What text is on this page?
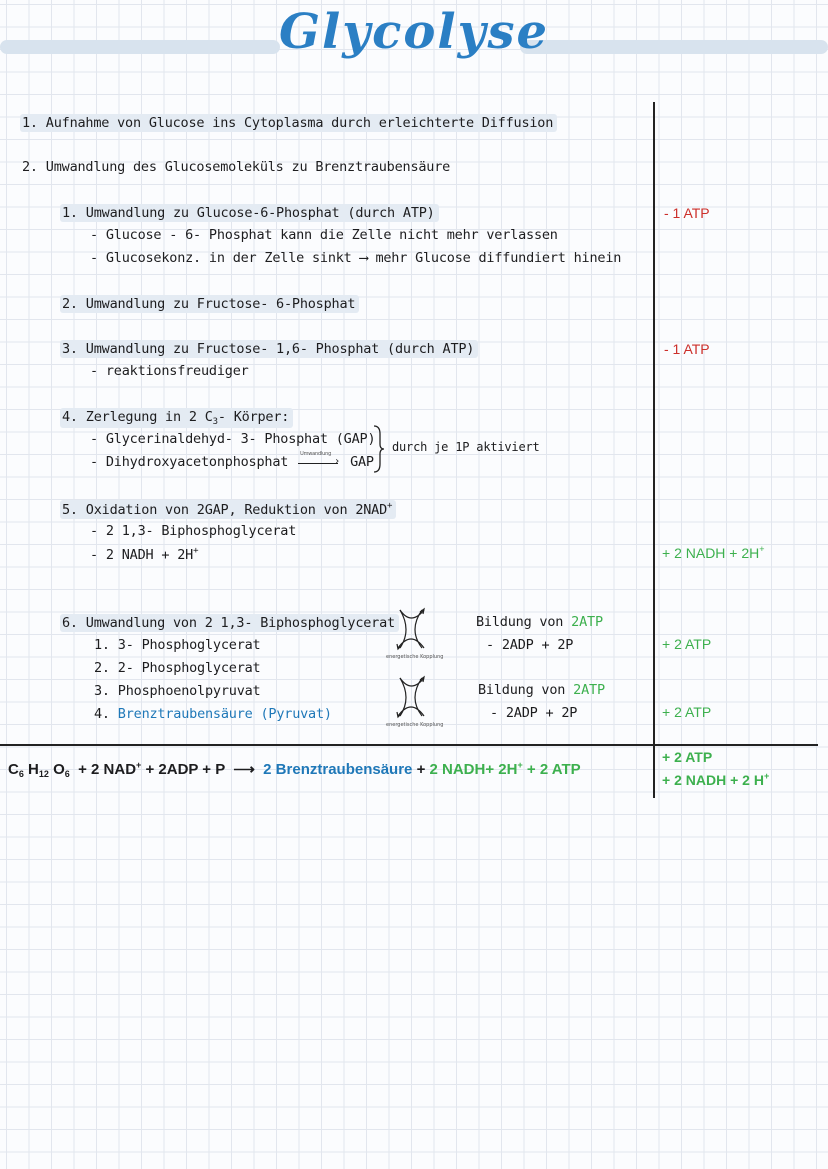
Glycolyse
1. Aufnahme von Glucose ins Cytoplasma durch erleichterte Diffusion
2. Umwandlung des Glucosemoleküls zu Brenztraubensäure
1. Umwandlung zu Glucose-6-Phosphat (durch ATP)
- Glucose - 6- Phosphat kann die Zelle nicht mehr verlassen
- Glucosekonz. in der Zelle sinkt ⟶ mehr Glucose diffundiert hinein
2. Umwandlung zu Fructose- 6-Phosphat
3. Umwandlung zu Fructose- 1,6- Phosphat (durch ATP)
- reaktionsfreudiger
4. Zerlegung in 2 $C_3-$ Körper:
- Glycerinaldehyd- 3- Phosphat (GAP)
- Dihydroxyacetonphosphat Umwandlung
› GAP
durch je 1P aktiviert
5. Oxidation von 2GAP, Reduktion von 2NAD+
- 2 1,3- Biphosphoglycerat
- 2 NADH + 2H+
6. Umwandlung von 2 1,3- Biphosphoglycerat
1. 3- Phosphoglycerat
2. 2- Phosphoglycerat
3. Phosphoenolpyruvat
4. Brenztraubensäure (Pyruvat)
energetische Kopplung
energetische Kopplung
Bildung von 2ATP
- 2ADP + 2P
Bildung von 2ATP
- 2ADP + 2P
- 1 ATP
- 1 ATP
+ 2 NADH + 2H+
+ 2 ATP
+ 2 ATP
+ 2 ATP
+ 2 NADH + 2 H+
$C_6$ $H_{12}$ $O_6 + 2$ NAD+ + 2ADP + P ⟶ 2 Brenztraubensäure + 2 NADH+ 2H+ + 2 ATP
